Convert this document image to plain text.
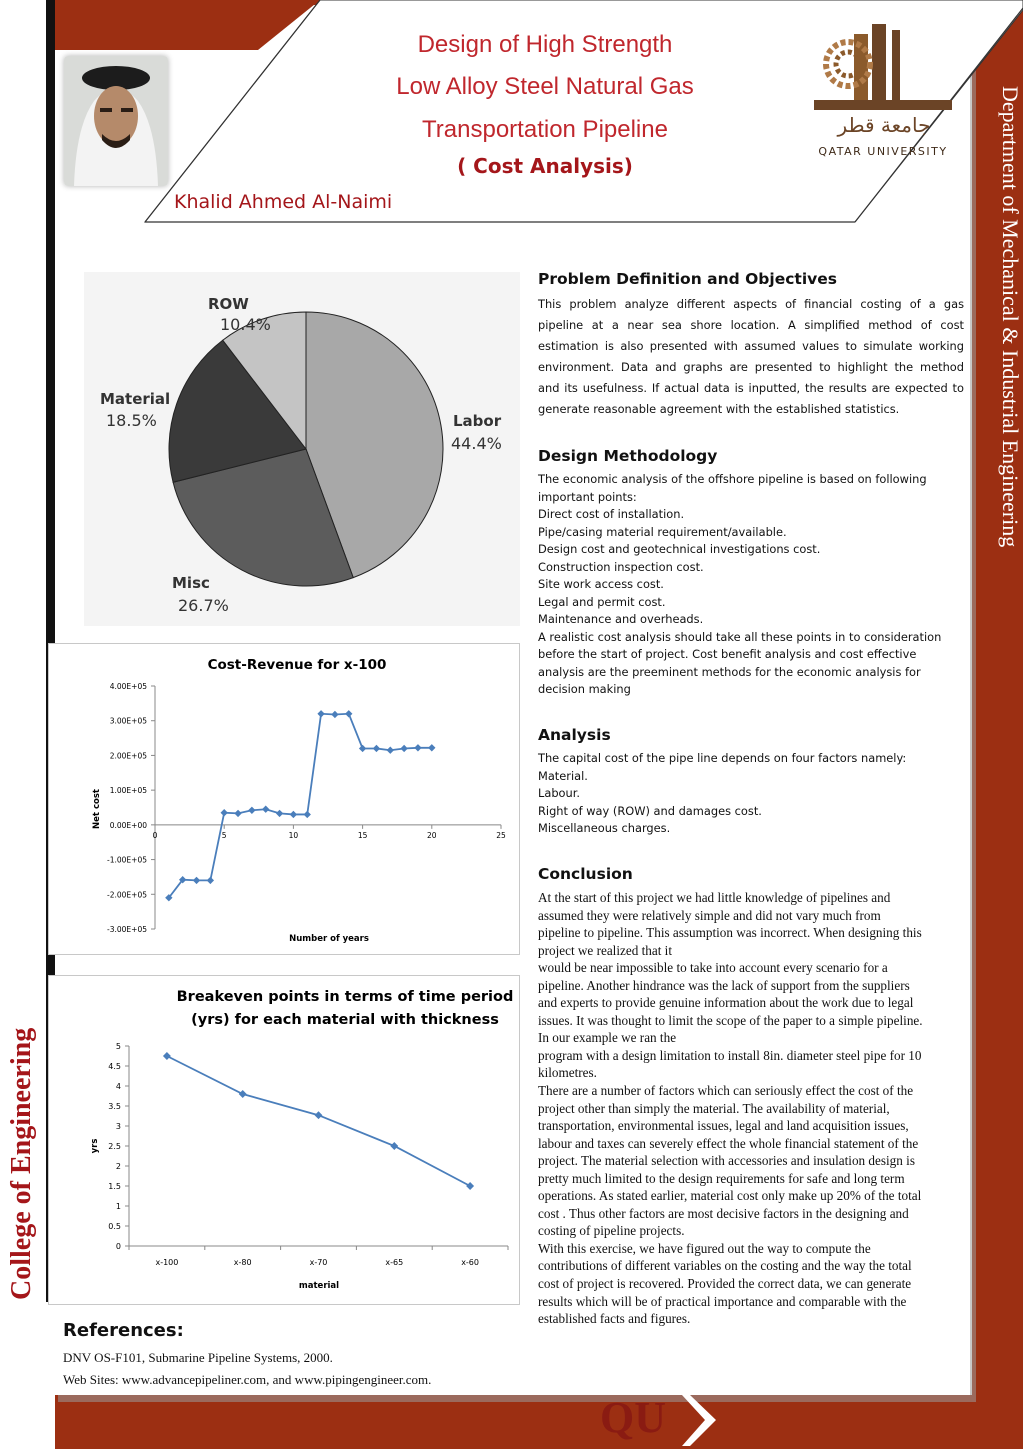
Design of High Strength
Low Alloy Steel Natural Gas
Transportation Pipeline
( Cost Analysis)
Khalid Ahmed Al-Naimi
جامعة قطر
QATAR UNIVERSITY	Department of Mechanical & Industrial Engineering
College of Engineering
ROW
10.4%
Material
18.5%	Labor
44.4%
Misc
26.7%
Cost-Revenue for x-100
-3.00E+05
-2.00E+05
-1.00E+05
0.00E+00
1.00E+05
2.00E+05
3.00E+05
4.00E+05
0	5	10	15	20	25
Number of years
Net cost
Breakeven points in terms of time period
(yrs) for each material with thickness
0
0.5
1
1.5
2
2.5
3
3.5
4
4.5
5
x-100	x-80	x-70	x-65	x-60
material
yrs
Problem Definition and Objectives
This problem analyze different aspects of financial costing of a gas
pipeline at a near sea shore location. A simplified method of cost
estimation is also presented with assumed values to simulate working
environment. Data and graphs are presented to highlight the method
and its usefulness. If actual data is inputted, the results are expected to
generate reasonable agreement with the established statistics.
Design Methodology
The economic analysis of the offshore pipeline is based on following
important points:
Direct cost of installation.
Pipe/casing material requirement/available.
Design cost and geotechnical investigations cost.
Construction inspection cost.
Site work access cost.
Legal and permit cost.
Maintenance and overheads.
A realistic cost analysis should take all these points in to consideration
before the start of project. Cost benefit analysis and cost effective
analysis are the preeminent methods for the economic analysis for
decision making
Analysis
The capital cost of the pipe line depends on four factors namely:
Material.
Labour.
Right of way (ROW) and damages cost.
Miscellaneous charges.
Conclusion
At the start of this project we had little knowledge of pipelines and
assumed they were relatively simple and did not vary much from
pipeline to pipeline. This assumption was incorrect. When designing this
project we realized that it
would be near impossible to take into account every scenario for a
pipeline. Another hindrance was the lack of support from the suppliers
and experts to provide genuine information about the work due to legal
issues. It was thought to limit the scope of the paper to a simple pipeline.
In our example we ran the
program with a design limitation to install 8in. diameter steel pipe for 10
kilometres.
There are a number of factors which can seriously effect the cost of the
project other than simply the material. The availability of material,
transportation, environmental issues, legal and land acquisition issues,
labour and taxes can severely effect the whole financial statement of the
project. The material selection with accessories and insulation design is
pretty much limited to the design requirements for safe and long term
operations. As stated earlier, material cost only make up 20% of the total
cost . Thus other factors are most decisive factors in the designing and
costing of pipeline projects.
With this exercise, we have figured out the way to compute the
contributions of different variables on the costing and the way the total
cost of project is recovered. Provided the correct data, we can generate
results which will be of practical importance and comparable with the
established facts and figures.
References:
DNV OS-F101, Submarine Pipeline Systems, 2000.
Web Sites: www.advancepipeliner.com, and www.pipingengineer.com.
QU
